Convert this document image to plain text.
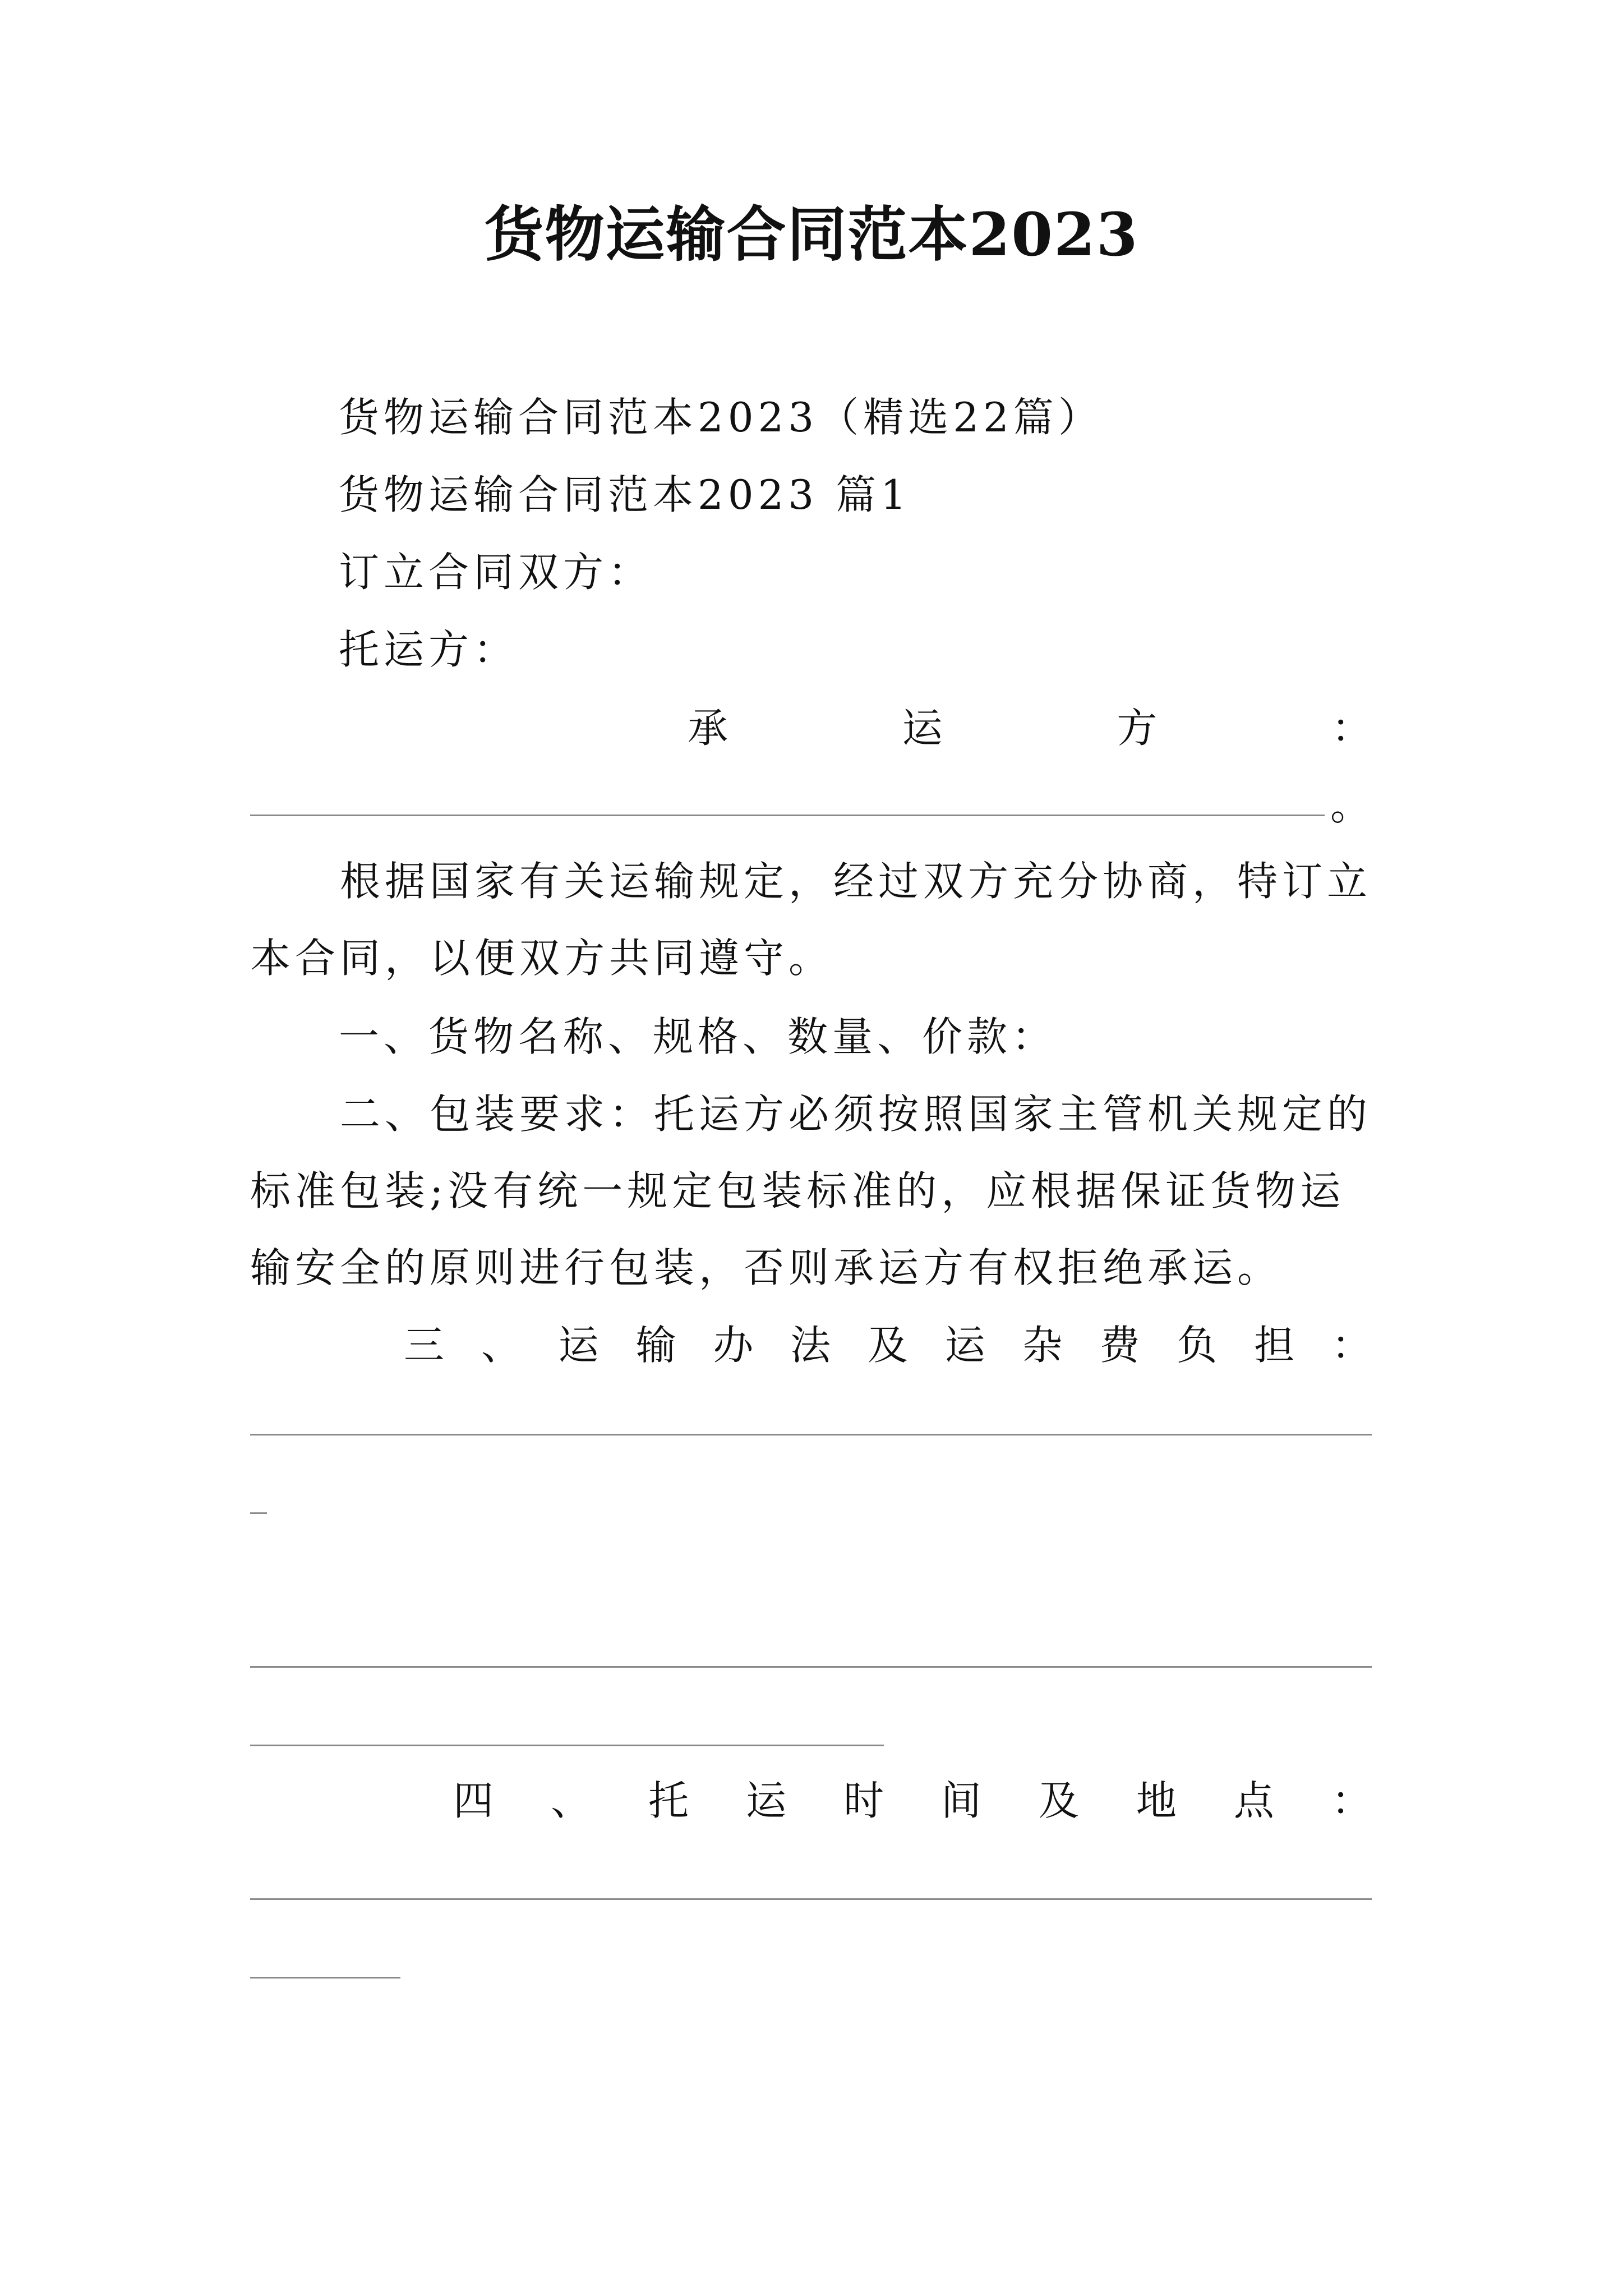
货物运输合同范本2023
货物运输合同范本2023（精选22篇）
货物运输合同范本2023 篇1
订立合同双方：
托运方：
承	运	方	：
。
根据国家有关运输规定，经过双方充分协商，特订立本合同，以便双方共同遵守。
一、货物名称、规格、数量、价款：
二、包装要求：托运方必须按照国家主管机关规定的标准包装;没有统一规定包装标准的，应根据保证货物运输安全的原则进行包装，否则承运方有权拒绝承运。
三 、 运 输 办 法 及 运 杂 费 负 担 ：
四 、 托 运 时 间 及 地 点 ：
